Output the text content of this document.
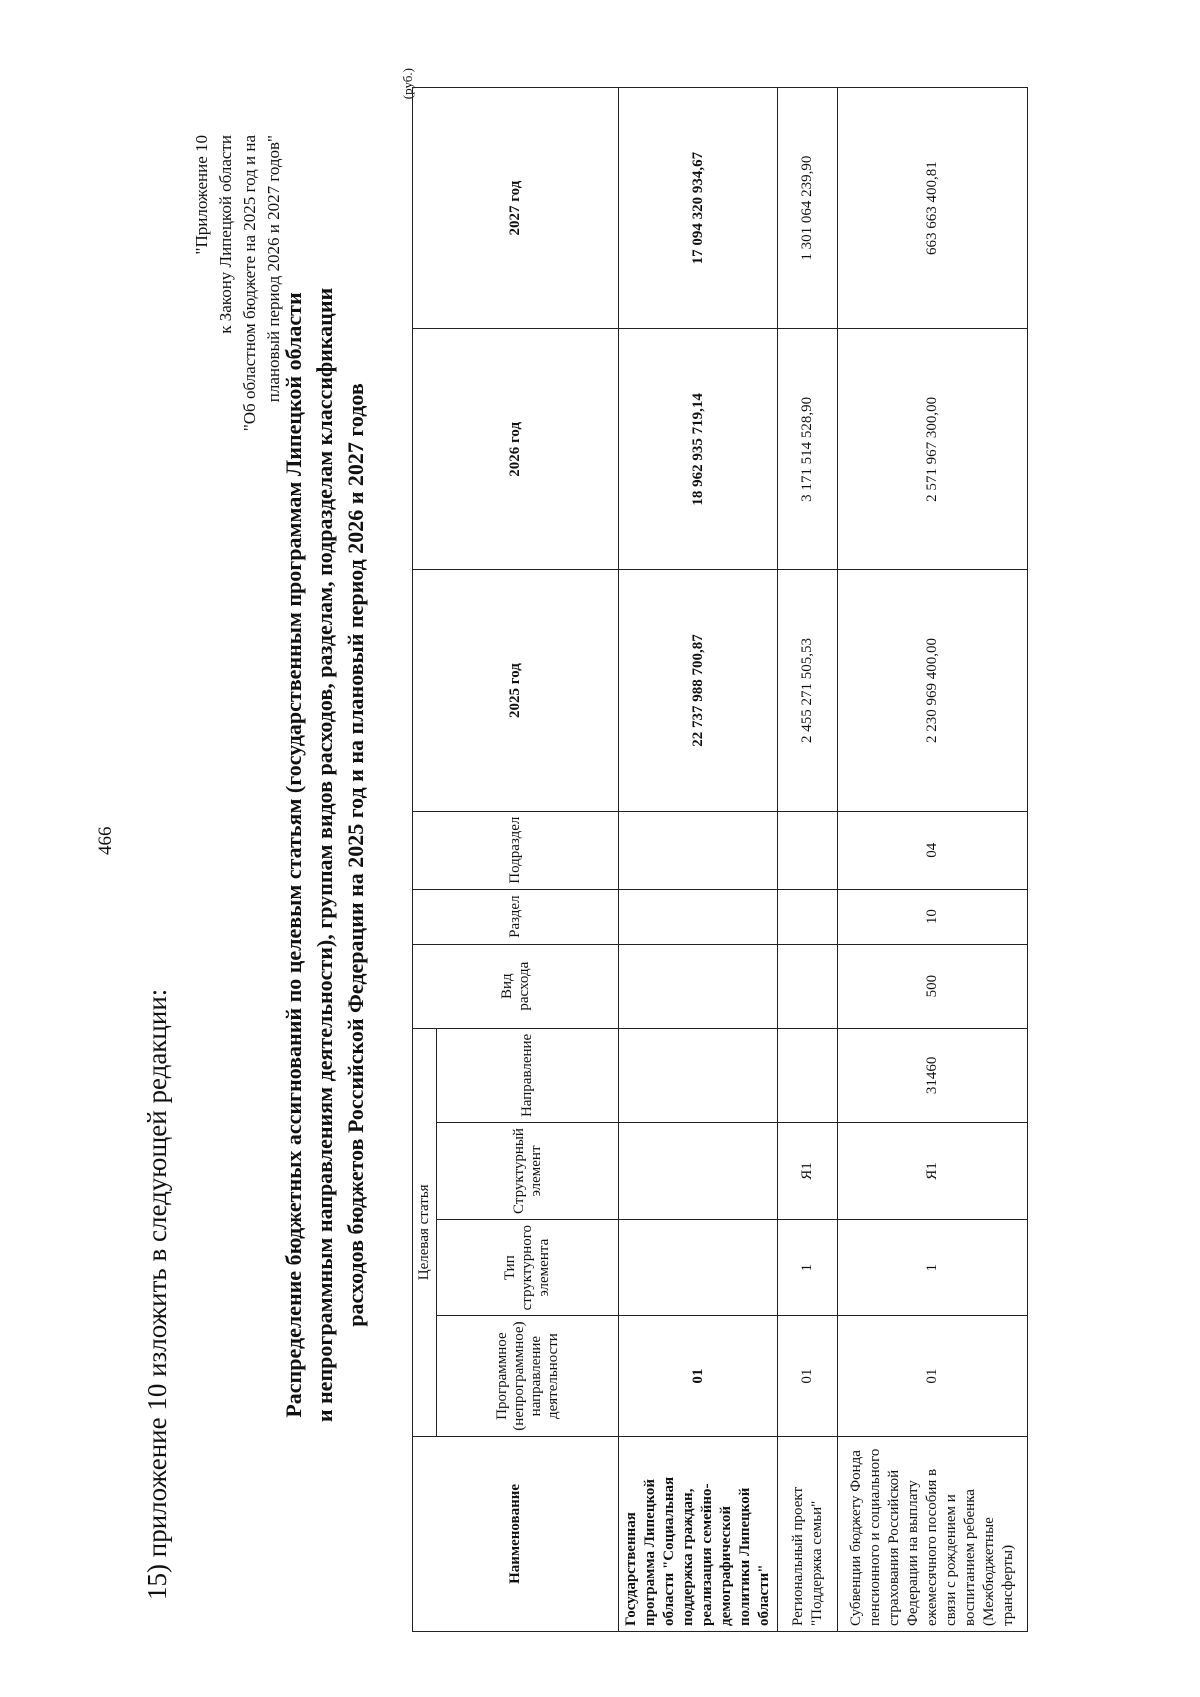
466
15) приложение 10 изложить в следующей редакции:
"Приложение 10 к Закону Липецкой области "Об областном бюджете на 2025 год и на плановый период 2026 и 2027 годов"
Распределение бюджетных ассигнований по целевым статьям (государственным программам Липецкой области и непрограммным направлениям деятельности), группам видов расходов, разделам, подразделам классификации расходов бюджетов Российской Федерации на 2025 год и на плановый период 2026 и 2027 годов
(руб.)
Наименование	Целевая статья				Вид расхода	Раздел	Подраздел	2025 год	2026 год	2027 год
	Программное (непрограммное) направление деятельности	Тип структурного элемента	Структурный элемент	Направление						
Государственная программа Липецкой области "Социальная поддержка граждан, реализация семейно-демографической политики Липецкой области"	01							22 737 988 700,87	18 962 935 719,14	17 094 320 934,67
Региональный проект "Поддержка семьи"	01	1	Я1					2 455 271 505,53	3 171 514 528,90	1 301 064 239,90
Субвенции бюджету Фонда пенсионного и социального страхования Российской Федерации на выплату ежемесячного пособия в связи с рождением и воспитанием ребенка (Межбюджетные трансферты)	01	1	Я1	31460	500	10	04	2 230 969 400,00	2 571 967 300,00	663 663 400,81
